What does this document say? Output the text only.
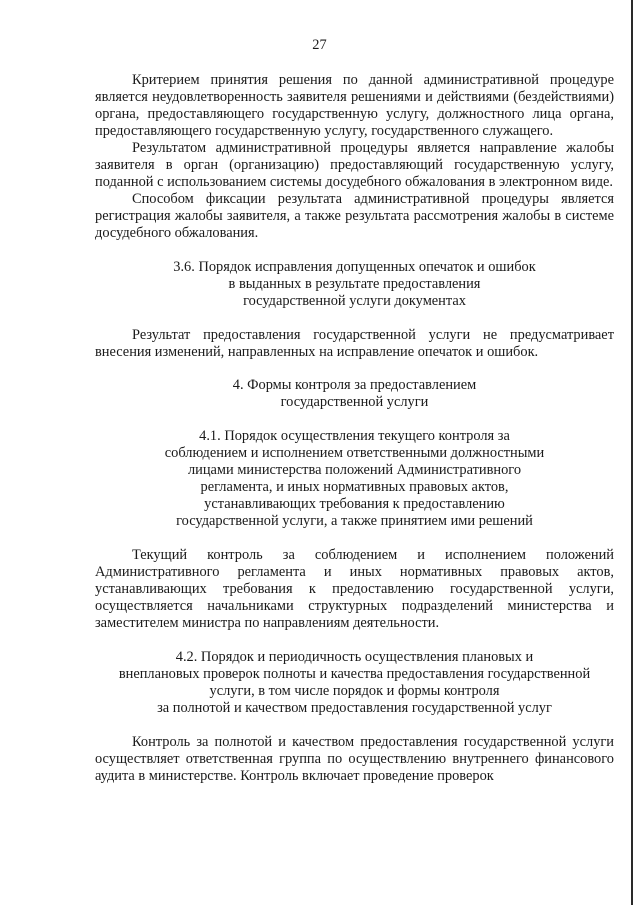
27

Критерием принятия решения по данной административной процедуре является неудовлетворенность заявителя решениями и действиями (бездействиями) органа, предоставляющего государственную услугу, должностного лица органа, предоставляющего государственную услугу, государственного служащего.

Результатом административной процедуры является направление жалобы заявителя в орган (организацию) предоставляющий государственную услугу, поданной с использованием системы досудебного обжалования в электронном виде.

Способом фиксации результата административной процедуры является регистрация жалобы заявителя, а также результата рассмотрения жалобы в системе досудебного обжалования.

3.6. Порядок исправления допущенных опечаток и ошибок
в выданных в результате предоставления
государственной услуги документах

Результат предоставления государственной услуги не предусматривает внесения изменений, направленных на исправление опечаток и ошибок.

4. Формы контроля за предоставлением
государственной услуги
4.1. Порядок осуществления текущего контроля за
соблюдением и исполнением ответственными должностными
лицами министерства положений Административного
регламента, и иных нормативных правовых актов,
устанавливающих требования к предоставлению
государственной услуги, а также принятием ими решений

Текущий контроль за соблюдением и исполнением положений Административного регламента и иных нормативных правовых актов, устанавливающих требования к предоставлению государственной услуги, осуществляется начальниками структурных подразделений министерства и заместителем министра по направлениям деятельности.

4.2. Порядок и периодичность осуществления плановых и
внеплановых проверок полноты и качества предоставления государственной
услуги, в том числе порядок и формы контроля
за полнотой и качеством предоставления государственной услуг

Контроль за полнотой и качеством предоставления государственной услуги осуществляет ответственная группа по осуществлению внутреннего финансового аудита в министерстве. Контроль включает проведение проверок
